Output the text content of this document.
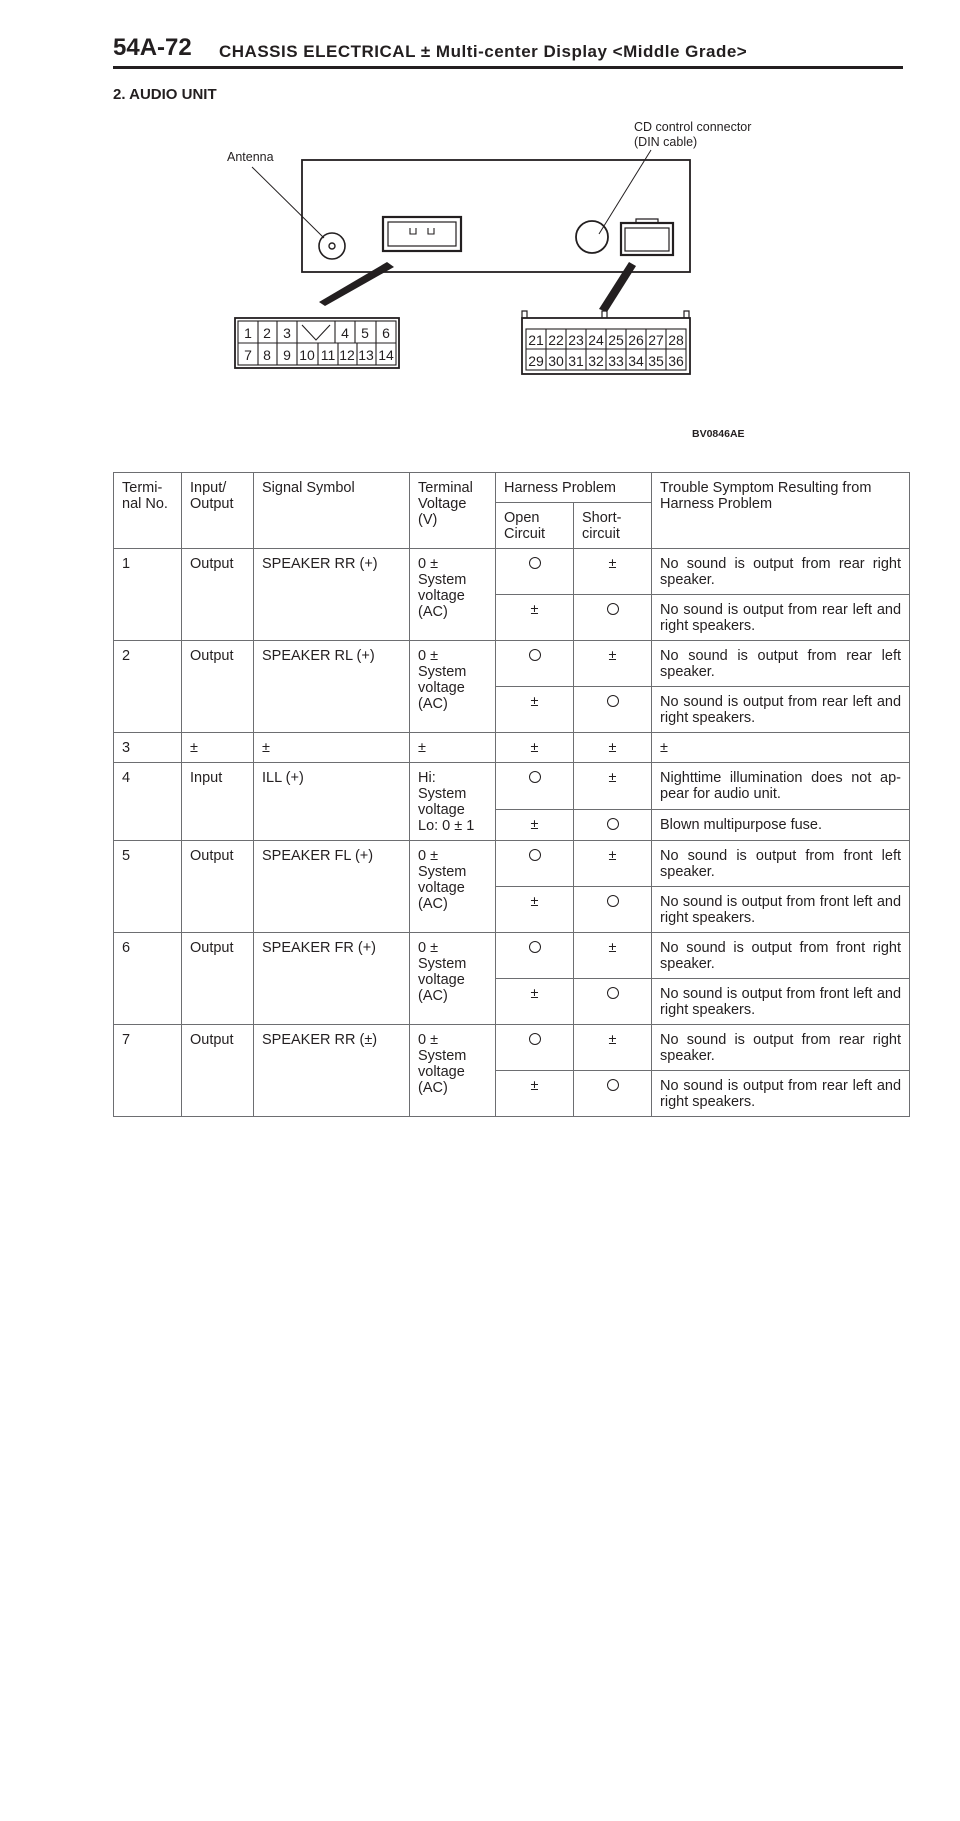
54A-72 CHASSIS ELECTRICAL ± Multi-center Display <Middle Grade>
2. AUDIO UNIT
Antenna
CD control connector
(DIN cable)
1 2 3	4 5 6
7 8 9 10 11 12 13 14
21 22 23 24 25 26 27 28
29 30 31 32 33 34 35 36
BV0846AE
Termi-nal No.	Input/ Output	Signal Symbol	Terminal Voltage (V)	Harness Problem		Trouble Symptom Resulting from Harness Problem
				Open Circuit	Short-circuit	
1	Output	SPEAKER RR (+)	0 ± System voltage (AC)		±	No sound is output from rear right speaker.
				±		No sound is output from rear left and right speakers.
2	Output	SPEAKER RL (+)	0 ± System voltage (AC)		±	No sound is output from rear left speaker.
				±		No sound is output from rear left and right speakers.
3	±	±	±	±	±	±
4	Input	ILL (+)	Hi: System voltage Lo: 0 ± 1		±	Nighttime illumination does not ap-pear for audio unit.
				±		Blown multipurpose fuse.
5	Output	SPEAKER FL (+)	0 ± System voltage (AC)		±	No sound is output from front left speaker.
				±		No sound is output from front left and right speakers.
6	Output	SPEAKER FR (+)	0 ± System voltage (AC)		±	No sound is output from front right speaker.
				±		No sound is output from front left and right speakers.
7	Output	SPEAKER RR (±)	0 ± System voltage (AC)		±	No sound is output from rear right speaker.
				±		No sound is output from rear left and right speakers.
